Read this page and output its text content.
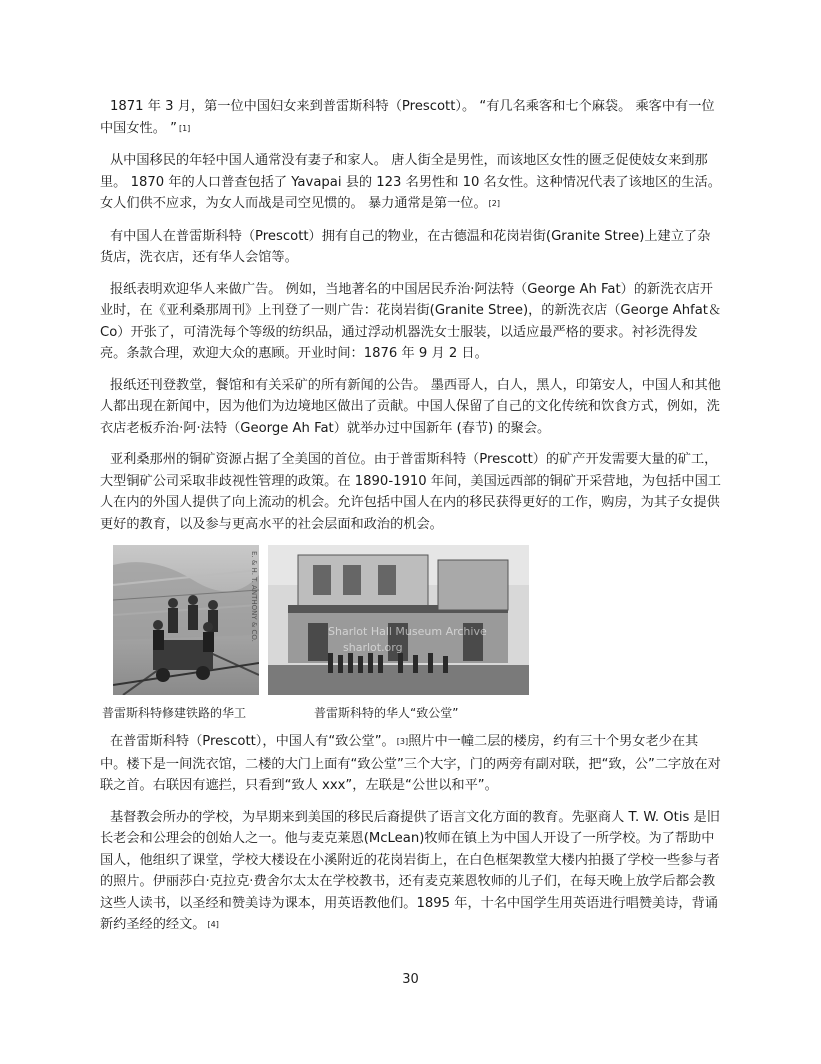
1871 年 3 月，第一位中国妇女来到普雷斯科特（Prescott）。 “有几名乘客和七个麻袋。 乘客中有一位中国女性。 ” [1]

从中国移民的年轻中国人通常没有妻子和家人。 唐人街全是男性，而该地区女性的匮乏促使妓女来到那里。 1870 年的人口普查包括了 Yavapai 县的 123 名男性和 10 名女性。这种情况代表了该地区的生活。 女人们供不应求，为女人而战是司空见惯的。 暴力通常是第一位。 [2]

有中国人在普雷斯科特（Prescott）拥有自己的物业，在古德温和花岗岩街(Granite Stree)上建立了杂货店，洗衣店，还有华人会馆等。

报纸表明欢迎华人来做广告。 例如，当地著名的中国居民乔治·阿法特（George Ah Fat）的新洗衣店开业时，在《亚利桑那周刊》上刊登了一则广告：花岗岩街(Granite Stree)，的新洗衣店（George Ahfat＆Co）开张了，可清洗每个等级的纺织品，通过浮动机器洗女士服装，以适应最严格的要求。衬衫洗得发亮。条款合理，欢迎大众的惠顾。开业时间：1876 年 9 月 2 日。

报纸还刊登教堂，餐馆和有关采矿的所有新闻的公告。 墨西哥人，白人，黑人，印第安人，中国人和其他人都出现在新闻中，因为他们为边境地区做出了贡献。中国人保留了自己的文化传统和饮食方式，例如，洗衣店老板乔治·阿·法特（George Ah Fat）就举办过中国新年 (春节) 的聚会。

亚利桑那州的铜矿资源占据了全美国的首位。由于普雷斯科特（Prescott）的矿产开发需要大量的矿工，大型铜矿公司采取非歧视性管理的政策。在 1890-1910 年间，美国远西部的铜矿开采营地，为包括中国工人在内的外国人提供了向上流动的机会。允许包括中国人在内的移民获得更好的工作，购房，为其子女提供更好的教育，以及参与更高水平的社会层面和政治的机会。

E. & H. T. ANTHONY & CO.	Sharlot Hall Museum Archive
sharlot.org
普雷斯科特修建铁路的华工	普雷斯科特的华人“致公堂”

在普雷斯科特（Prescott），中国人有“致公堂”。 [3]照片中一幢二层的楼房，约有三十个男女老少在其中。楼下是一间洗衣馆，二楼的大门上面有“致公堂”三个大字，门的两旁有副对联，把“致，公”二字放在对联之首。右联因有遮拦，只看到“致人 xxx”，左联是“公世以和平”。

基督教会所办的学校，为早期来到美国的移民后裔提供了语言文化方面的教育。先驱商人 T. W. Otis 是旧长老会和公理会的创始人之一。他与麦克莱恩(McLean)牧师在镇上为中国人开设了一所学校。为了帮助中国人，他组织了课堂，学校大楼设在小溪附近的花岗岩街上，在白色框架教堂大楼内拍摄了学校一些参与者的照片。伊丽莎白·克拉克·费舍尔太太在学校教书，还有麦克莱恩牧师的儿子们，在每天晚上放学后都会教这些人读书，以圣经和赞美诗为课本，用英语教他们。1895 年，十名中国学生用英语进行唱赞美诗，背诵新约圣经的经文。 [4]

30
